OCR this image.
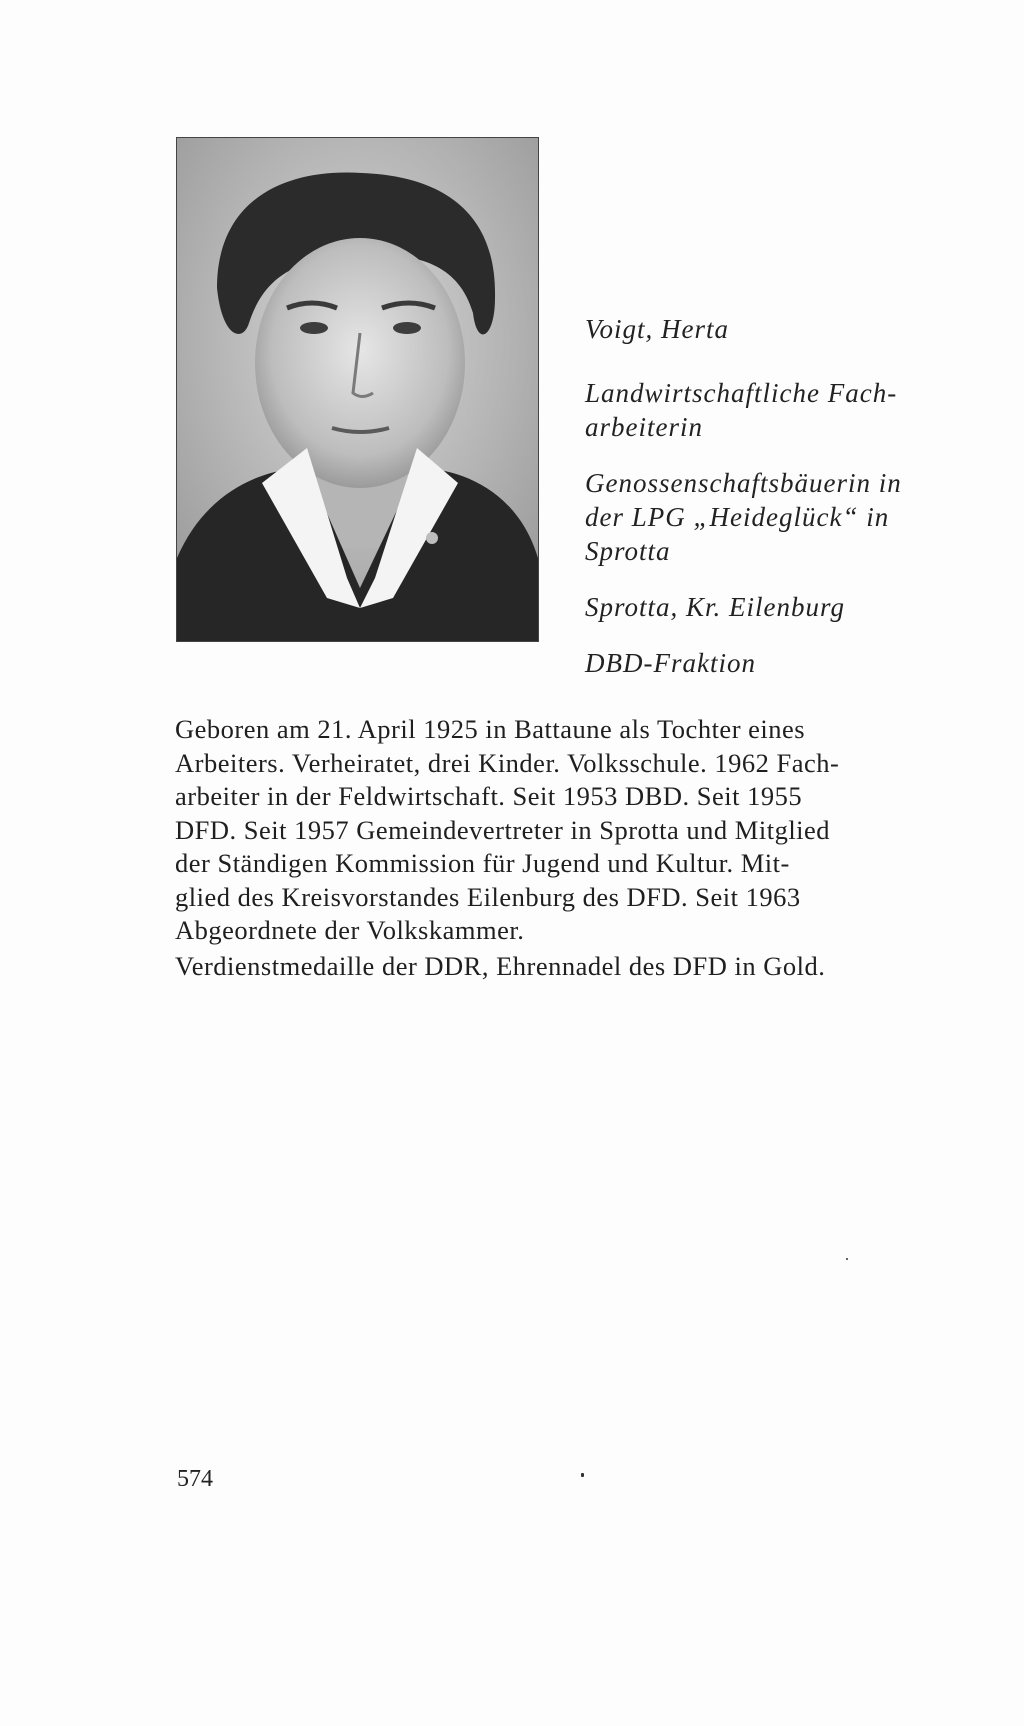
Voigt, Herta

Landwirtschaftliche Fach-
arbeiterin

Genossenschaftsbäuerin in
der LPG „Heideglück“ in
Sprotta

Sprotta, Kr. Eilenburg

DBD-Fraktion

Geboren am 21. April 1925 in Battaune als Tochter eines

Arbeiters. Verheiratet, drei Kinder. Volksschule. 1962 Fach-

arbeiter in der Feldwirtschaft. Seit 1953 DBD. Seit 1955

DFD. Seit 1957 Gemeindevertreter in Sprotta und Mitglied

der Ständigen Kommission für Jugend und Kultur. Mit-

glied des Kreisvorstandes Eilenburg des DFD. Seit 1963

Abgeordnete der Volkskammer.

Verdienstmedaille der DDR, Ehrennadel des DFD in Gold.
574
